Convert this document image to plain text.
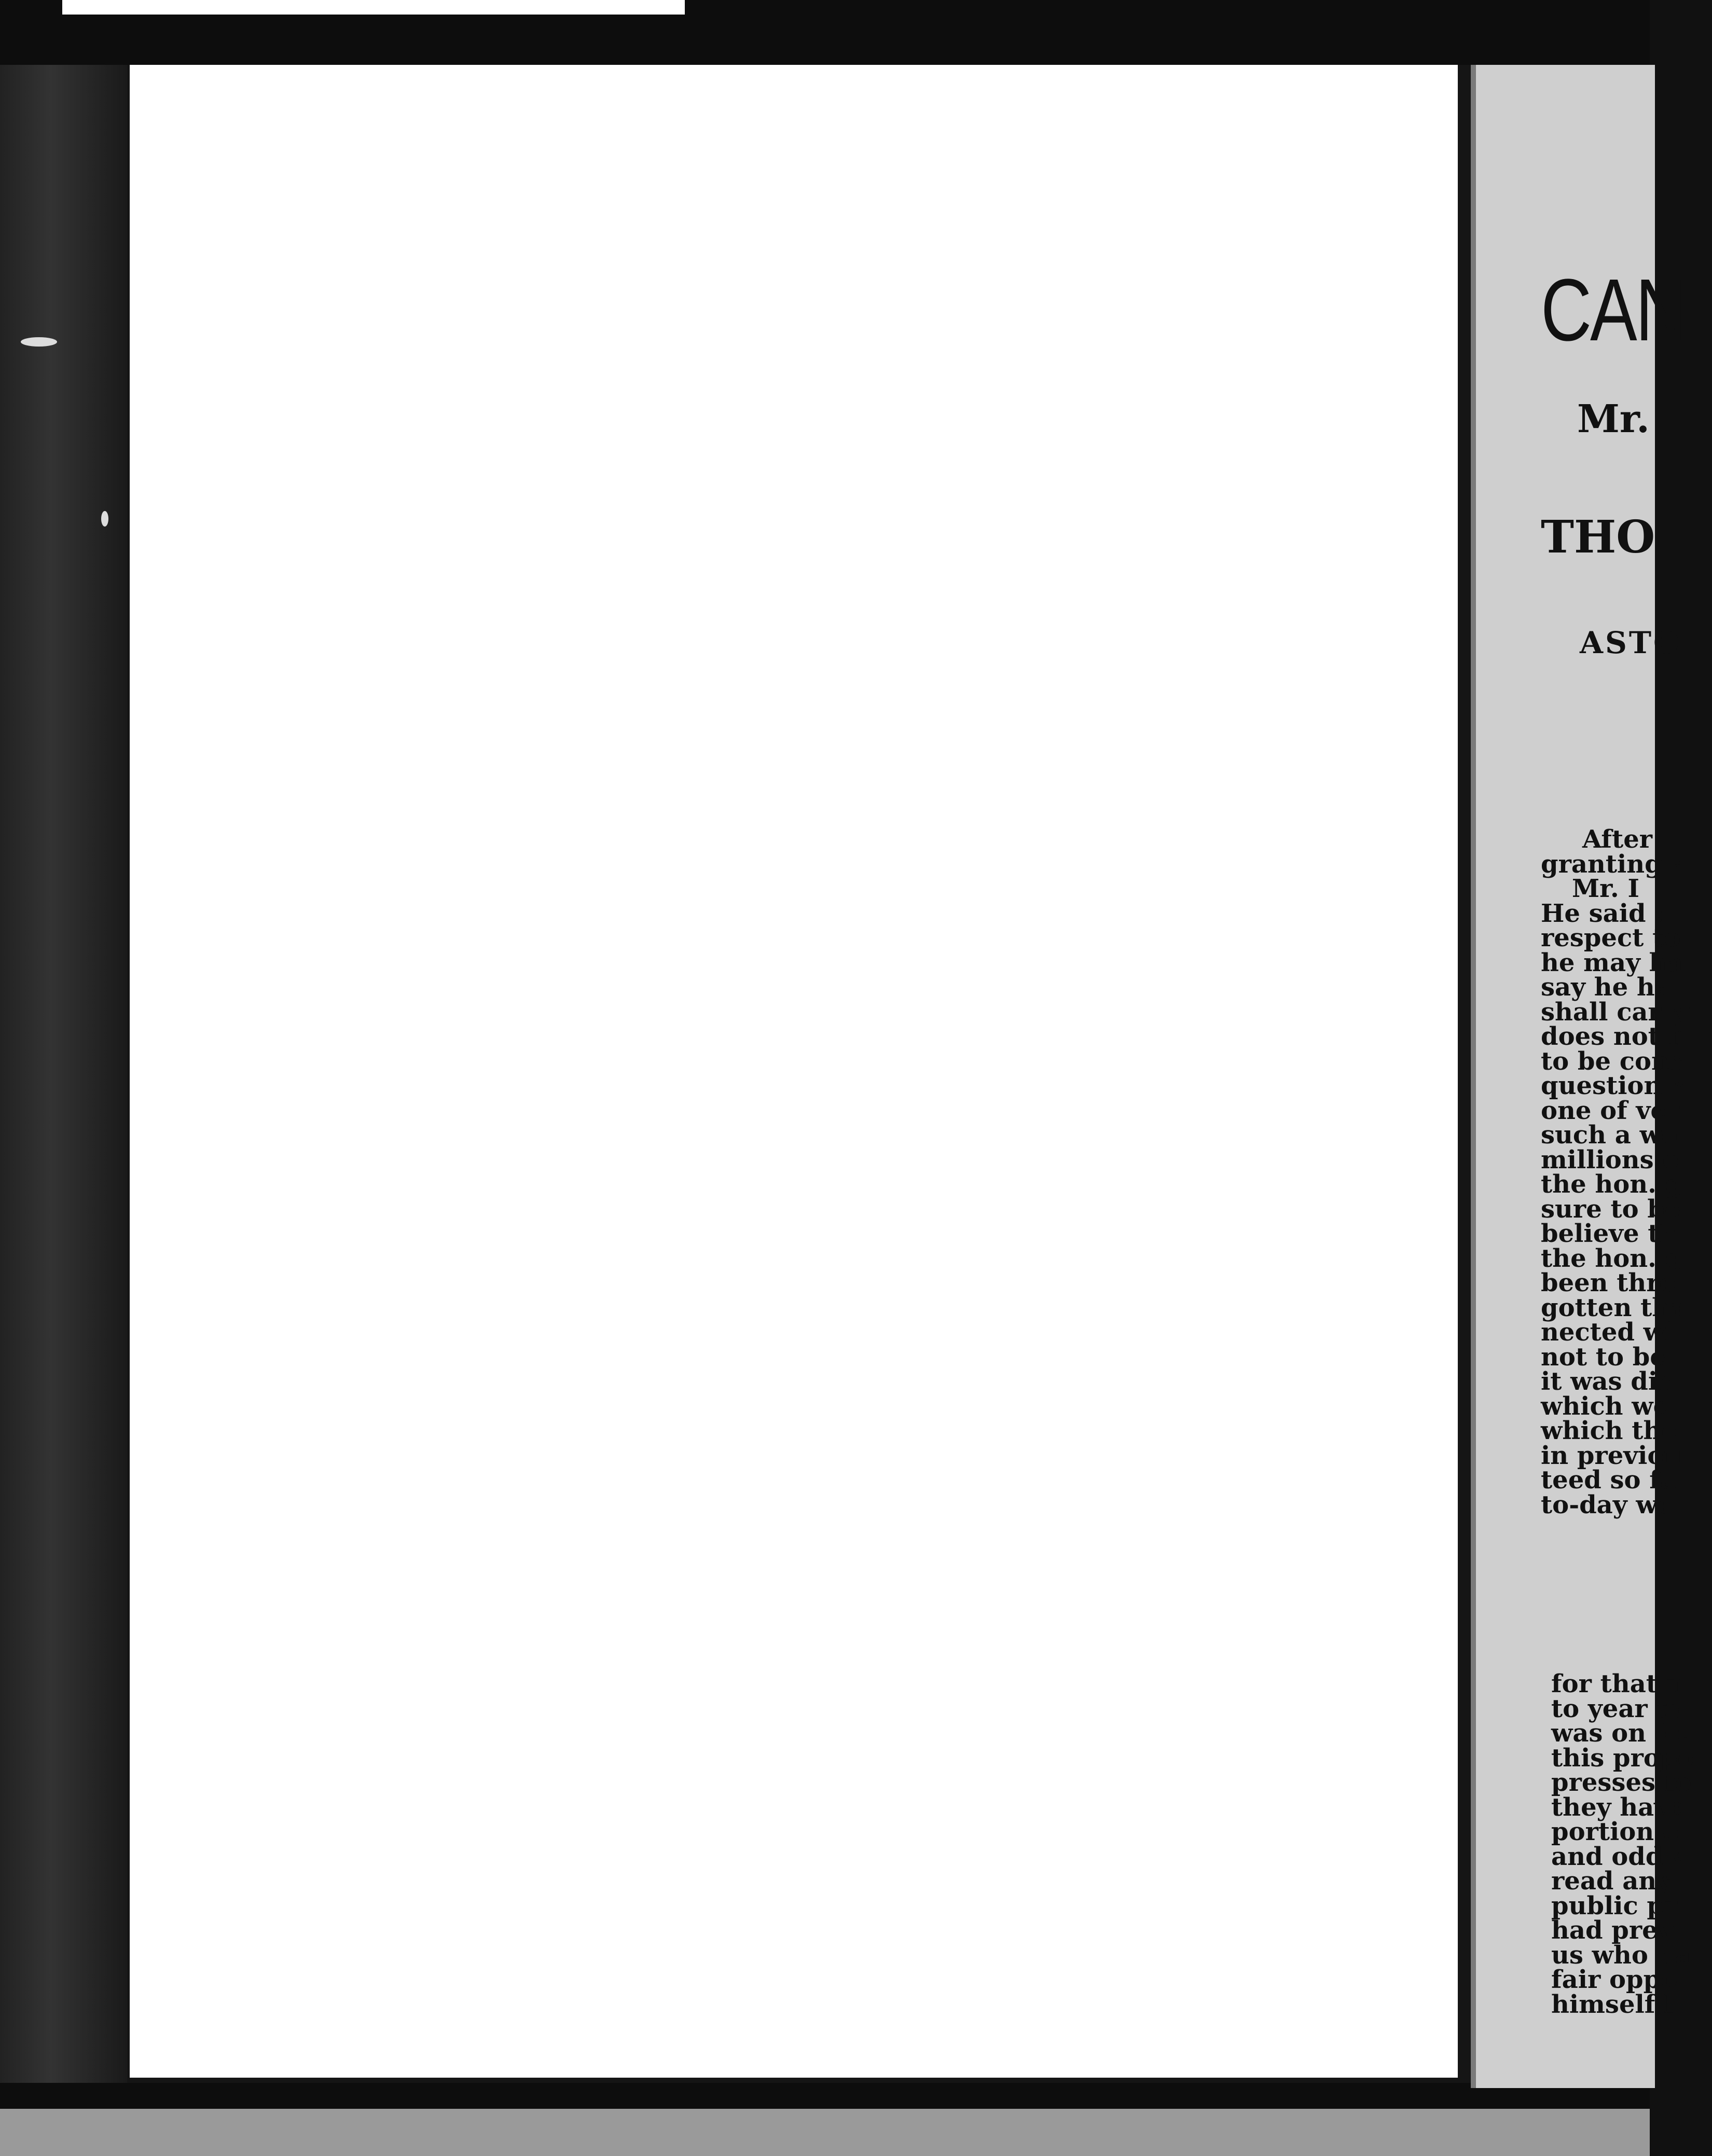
CAN
Mr.
THO
ASTO
After
granting a
Mr. I
He said :-
respect to
he may ha
say he ha
shall carry
does not r
to be cons
question s
one of ver
such a wo
millions o
the hon. g
sure to be
believe th
the hon. g
been thro
gotten tha
nected wi
not to be
it was dis
which we
which the
in previou
teed so fa
to-day we
for that n
to year to
was on de
this propo
presses fo
they have
portion o
and odd v
read any
public pr
had previ
us who ha
fair oppo
himself l
